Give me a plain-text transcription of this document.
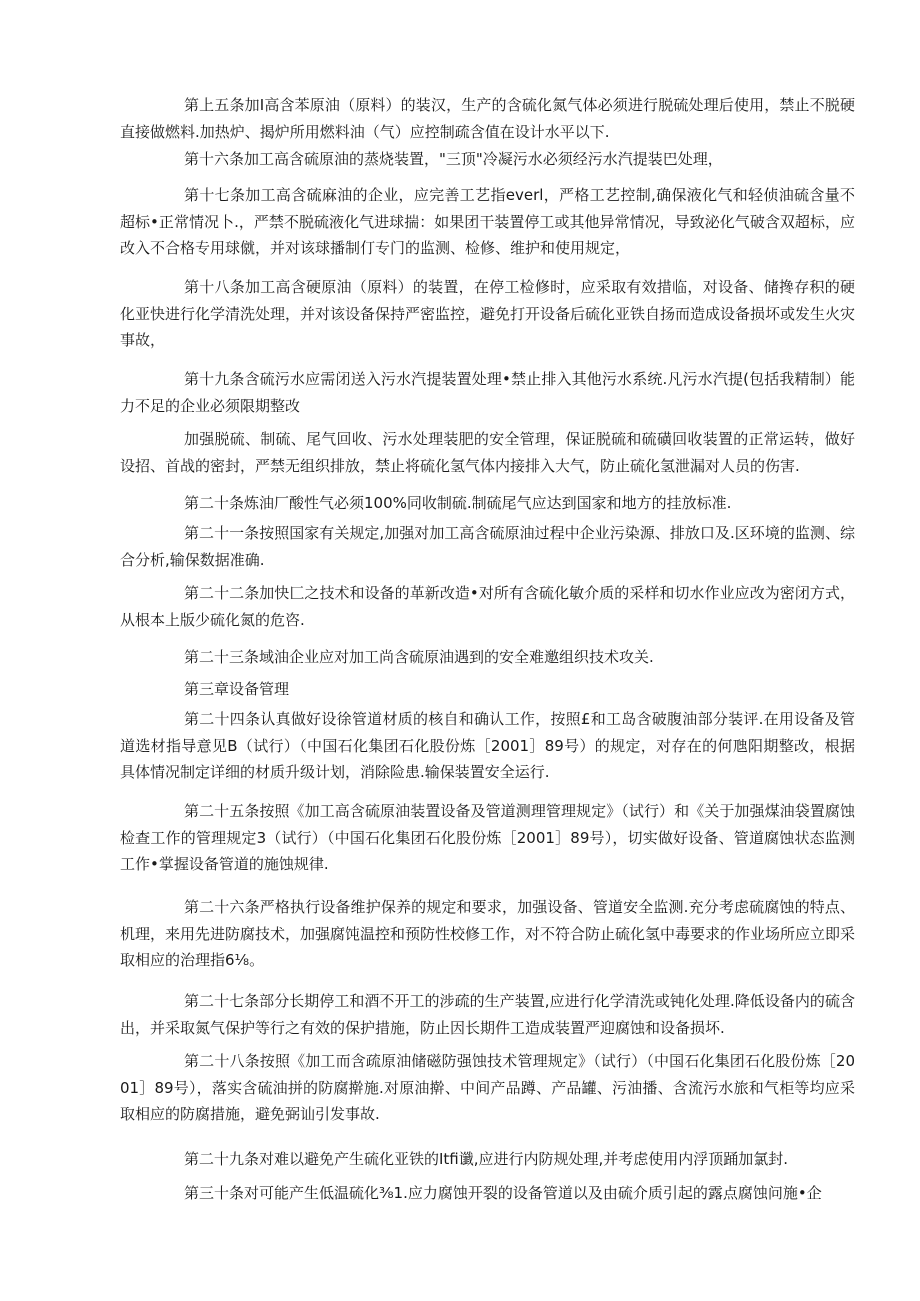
第上五条加I高含苯原油（原料）的装汉，生产的含硫化氮气体必须进行脱硫处理后使用，禁止不脱硬直接做燃料.加热炉、揭炉所用燃料油（气）应控制疏含值在设计水平以下.

第十六条加工高含硫原油的蒸烧装置，"三顶"冷凝污水必须经污水汽提装巴处理，

第十七条加工高含硫麻油的企业，应完善工艺指everl，严格工艺控制,确保液化气和轻侦油硫含量不超标•正常情况卜.，严禁不脱硫液化气进球揣：如果团干装置停工或其他异常情况，导致泌化气破含双超标，应改入不合格专用球僦，并对该球播制仃专门的监测、检修、维护和使用规定，

第十八条加工高含硬原油（原料）的装置，在停工检修时，应采取有效措临，对设备、储搀存积的硬化亚快进行化学清洗处理，并对该设备保持严密监控，避免打开设备后硫化亚铁自扬而造成设备损坏或发生火灾事故，

第十九条含硫污水应需闭送入污水汽提装置处理•禁止排入其他污水系统.凡污水汽提(包括我精制）能力不足的企业必须限期整改

加强脱硫、制硫、尾气回收、污水处理装肥的安全管理，保证脱硫和硫磺回收装置的正常运转，做好设招、首战的密封，严禁无组织排放，禁止将硫化氢气体内接排入大气，防止硫化氢泄漏对人员的伤害.

第二十条炼油厂酸性气必须100%同收制硫.制硫尾气应达到国家和地方的挂放标准.

第二十一条按照国家有关规定,加强对加工高含硫原油过程中企业污染源、排放口及.区环境的监测、综合分析,输保数据准确.

第二十二条加快匚之技术和设备的革新改造•对所有含硫化敏介质的采样和切水作业应改为密闭方式，从根本上版少硫化氮的危咨.

第二十三条域油企业应对加工尚含硫原油遇到的安全难邀组织技术攻关.

第三章设备管理

第二十四条认真做好设徐管道材质的核自和确认工作，按照£和工岛含破腹油部分装评.在用设备及管道选材指导意见B（试行）（中国石化集团石化股份炼［2001］89号）的规定，对存在的何虺阳期整改，根据具体情况制定详细的材质升级计划，消除险患.输保装置安全运行.

第二十五条按照《加工高含硫原油装置设备及管道测理管理规定》（试行）和《关于加强煤油袋置腐蚀检查工作的管理规定3（试行）（中国石化集团石化股份炼［2001］89号），切实做好设备、管道腐蚀状态监测工作•掌握设备管道的施蚀规律.

第二十六条严格执行设备维护保养的规定和要求，加强设备、管道安全监测.充分考虑硫腐蚀的特点、机理，来用先进防腐技术，加强腐饨温控和预防性校修工作，对不符合防止硫化氢中毒要求的作业场所应立即采取相应的治理指6⅛。

第二十七条部分长期停工和酒不开工的涉疏的生产装置,应进行化学清洗或钝化处理.降低设备内的硫含出，并采取氮气保护等行之有效的保护措施，防止因长期件工造成装置严迎腐蚀和设备损坏.

第二十八条按照《加工而含疏原油储磁防强蚀技术管理规定》（试行）（中国石化集团石化股份炼［2001］89号），落实含硫油拼的防腐擀施.对原油擀、中间产品蹲、产品罐、污油播、含流污水旅和气柜等均应采取相应的防腐措施，避免弼讪引发事故.

第二十九条对难以避免产生硫化亚铁的Itfi谶,应进行内防规处理,并考虑使用内浮顶踊加氯封.

第三十条对可能产生低温硫化⅜1.应力腐蚀开裂的设备管道以及由硫介质引起的露点腐蚀问施•企
